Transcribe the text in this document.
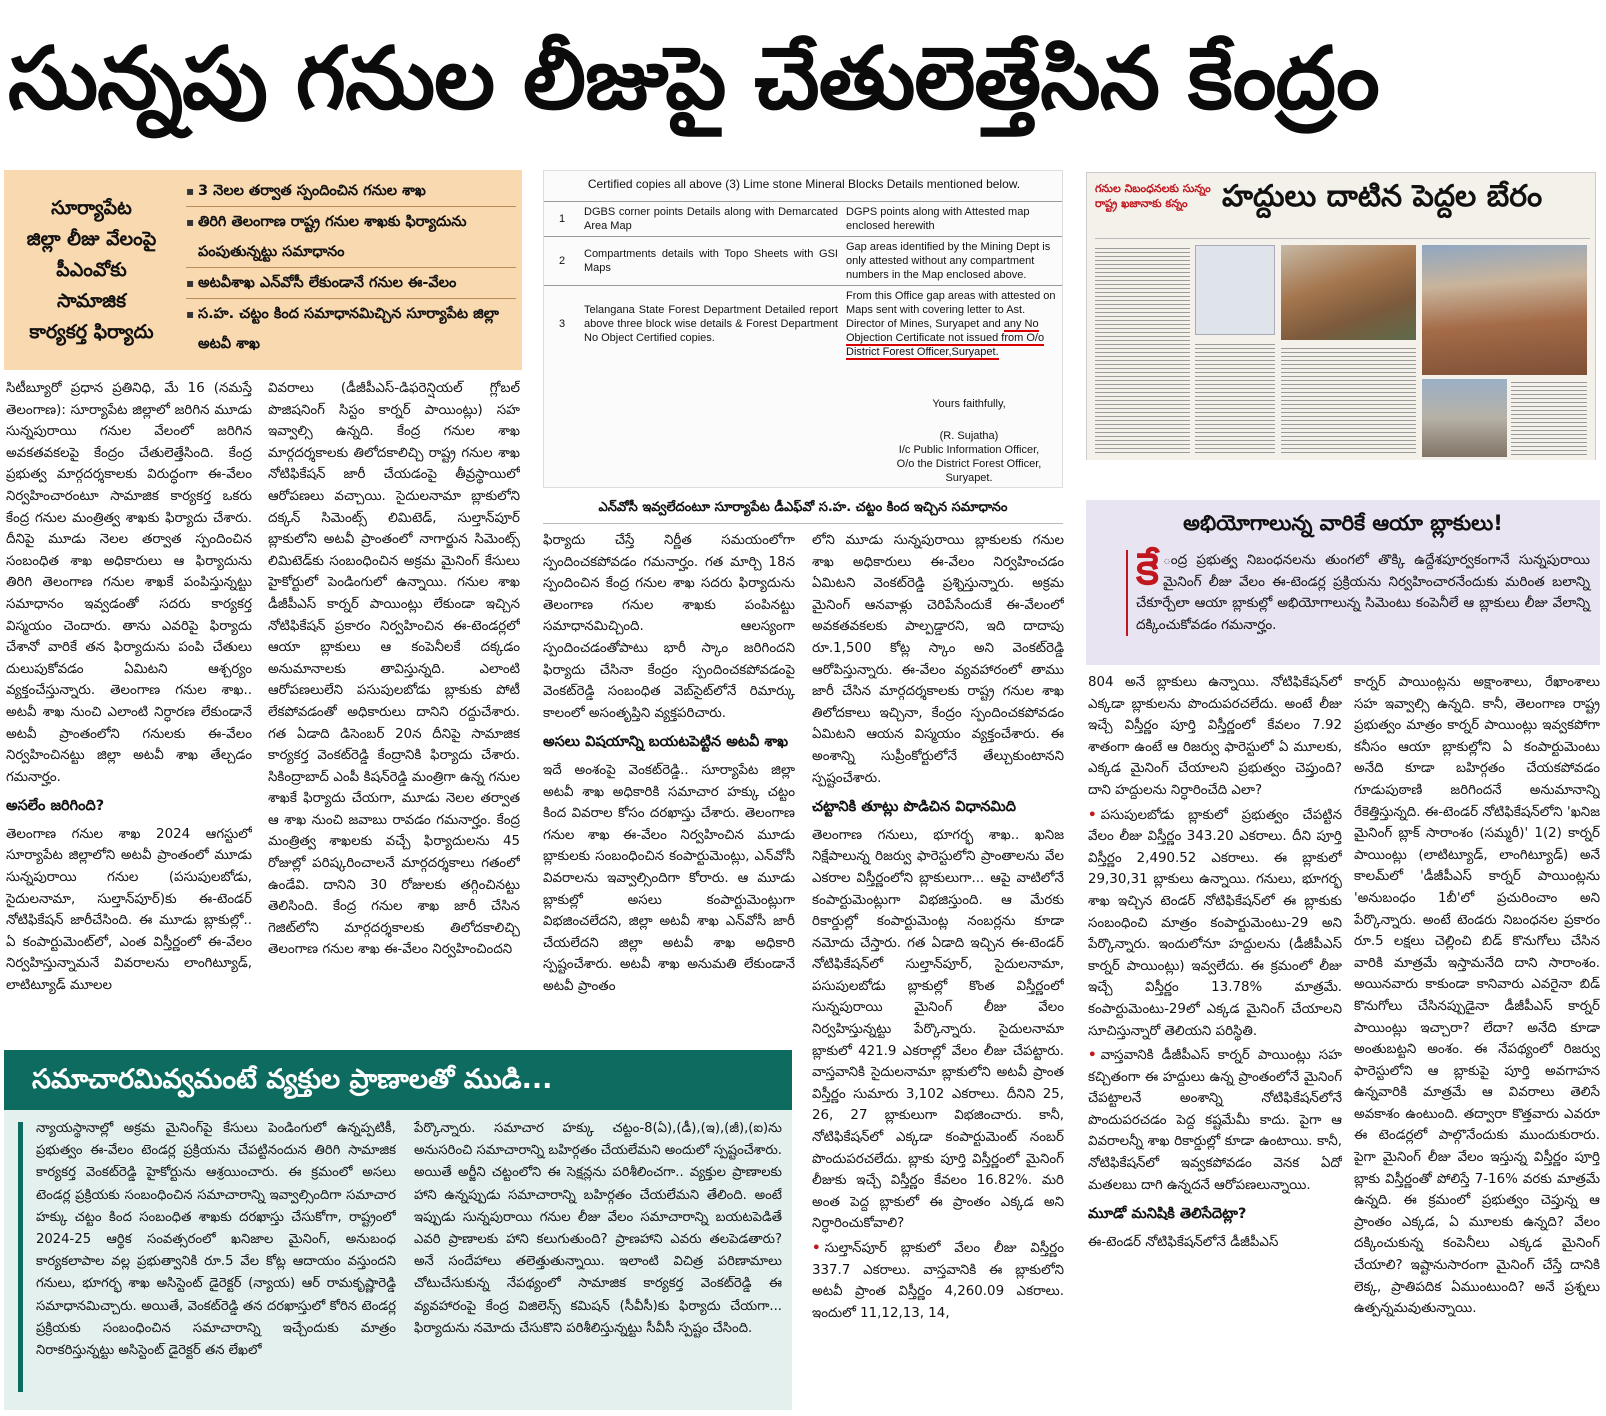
సున్నపు గనుల లీజుపై చేతులెత్తేసిన కేంద్రం
సూర్యాపేట
జిల్లా లీజు వేలంపై
పీఎంవోకు
సామాజిక
కార్యకర్త ఫిర్యాదు
▪ 3 నెలల తర్వాత స్పందించిన గనుల శాఖ
▪ తిరిగి తెలంగాణ రాష్ట్ర గనుల శాఖకు ఫిర్యాదును పంపుతున్నట్టు సమాధానం
▪ అటవీశాఖ ఎన్‌వోసీ లేకుండానే గనుల ఈ-వేలం
▪ స.హ. చట్టం కింద సమాధానమిచ్చిన సూర్యాపేట జిల్లా అటవీ శాఖ

సిటీబ్యూరో ప్రధాన ప్రతినిధి, మే 16 (నమస్తే తెలంగాణ): సూర్యాపేట జిల్లాలో జరిగిన మూడు సున్నపురాయి గనుల వేలంలో జరిగిన అవకతవకలపై కేంద్రం చేతులెత్తేసింది. కేంద్ర ప్రభుత్వ మార్గదర్శకాలకు విరుద్ధంగా ఈ-వేలం నిర్వహించారంటూ సామాజిక కార్యకర్త ఒకరు కేంద్ర గనుల మంత్రిత్వ శాఖకు ఫిర్యాదు చేశారు. దీనిపై మూడు నెలల తర్వాత స్పందించిన సంబంధిత శాఖ అధికారులు ఆ ఫిర్యాదును తిరిగి తెలంగాణ గనుల శాఖకే పంపిస్తున్నట్టు సమాధానం ఇవ్వడంతో సదరు కార్యకర్త విస్మయం చెందారు. తాను ఎవరిపై ఫిర్యాదు చేశానో వారికే తన ఫిర్యాదును పంపి చేతులు దులుపుకోవడం ఏమిటని ఆశ్చర్యం వ్యక్తంచేస్తున్నారు. తెలంగాణ గనుల శాఖ.. అటవీ శాఖ నుంచి ఎలాంటి నిర్ధారణ లేకుండానే అటవీ ప్రాంతంలోని గనులకు ఈ-వేలం నిర్వహించినట్టు జిల్లా అటవీ శాఖ తేల్చడం గమనార్హం.

అసలేం జరిగింది?

తెలంగాణ గనుల శాఖ 2024 ఆగస్టులో సూర్యాపేట జిల్లాలోని అటవీ ప్రాంతంలో మూడు సున్నపురాయి గనుల (పసుపులబోడు, సైదులనామా, సుల్తాన్‌పూర్)కు ఈ-టెండర్ నోటిఫికేషన్ జారీచేసింది. ఈ మూడు బ్లాకుల్లో.. ఏ కంపార్టుమెంట్‌లో, ఎంత విస్తీర్ణంలో ఈ-వేలం నిర్వహిస్తున్నామనే వివరాలను లాంగిట్యూడ్, లాటిట్యూడ్ మూలల

వివరాలు (డీజీపీఎస్-డిఫరెన్షియల్ గ్లోబల్ పొజిషనింగ్ సిస్టం కార్నర్ పాయింట్లు) సహ ఇవ్వాల్సి ఉన్నది. కేంద్ర గనుల శాఖ మార్గదర్శకాలకు తిలోదకాలిచ్చి రాష్ట్ర గనుల శాఖ నోటిఫికేషన్ జారీ చేయడంపై తీవ్రస్థాయిలో ఆరోపణలు వచ్చాయి. సైదులనామా బ్లాకులోని దక్కన్ సిమెంట్స్ లిమిటెడ్, సుల్తాన్‌పూర్ బ్లాకులోని అటవీ ప్రాంతంలో నాగార్జున సిమెంట్స్ లిమిటెడ్‌కు సంబంధించిన అక్రమ మైనింగ్ కేసులు హైకోర్టులో పెండింగులో ఉన్నాయి. గనుల శాఖ డీజీపీఎస్ కార్నర్ పాయింట్లు లేకుండా ఇచ్చిన నోటిఫికేషన్ ప్రకారం నిర్వహించిన ఈ-టెండర్లలో ఆయా బ్లాకులు ఆ కంపెనీలకే దక్కడం అనుమానాలకు తావిస్తున్నది. ఎలాంటి ఆరోపణలులేని పసుపులబోడు బ్లాకుకు పోటీ లేకపోవడంతో అధికారులు దానిని రద్దుచేశారు. గత ఏడాది డిసెంబర్ 20న దీనిపై సామాజిక కార్యకర్త వెంకట్‌రెడ్డి కేంద్రానికి ఫిర్యాదు చేశారు. సికింద్రాబాద్ ఎంపీ కిషన్‌రెడ్డి మంత్రిగా ఉన్న గనుల శాఖకే ఫిర్యాదు చేయగా, మూడు నెలల తర్వాత ఆ శాఖ నుంచి జవాబు రావడం గమనార్హం. కేంద్ర మంత్రిత్వ శాఖలకు వచ్చే ఫిర్యాదులను 45 రోజుల్లో పరిష్కరించాలనే మార్గదర్శకాలు గతంలో ఉండేవి. దానిని 30 రోజులకు తగ్గించినట్టు తెలిసింది. కేంద్ర గనుల శాఖ జారీ చేసిన గెజిట్‌లోని మార్గదర్శకాలకు తిలోదకాలిచ్చి తెలంగాణ గనుల శాఖ ఈ-వేలం నిర్వహించిందని

Certified copies all above (3) Lime stone Mineral Blocks Details mentioned below.
1	DGBS corner points Details along with Demarcated Area Map	DGPS points along with Attested map enclosed herewith
2	Compartments details with Topo Sheets with GSI Maps	Gap areas identified by the Mining Dept is only attested without any compartment numbers in the Map enclosed above.
3	Telangana State Forest Department Detailed report above three block wise details & Forest Department No Object Certified copies.	From this Office gap areas with attested on Maps sent with covering letter to Ast. Director of Mines, Suryapet and any No Objection Certificate not issued from O/o District Forest Officer,Suryapet.
Yours faithfully,
(R. Sujatha)
I/c Public Information Officer,
O/o the District Forest Officer,
Suryapet.
ఎన్‌వోసీ ఇవ్వలేదంటూ సూర్యాపేట డీఎఫ్‌వో స.హ. చట్టం కింద ఇచ్చిన సమాధానం

ఫిర్యాదు చేస్తే నిర్ణీత సమయంలోగా స్పందించకపోవడం గమనార్హం. గత మార్చి 18న స్పందించిన కేంద్ర గనుల శాఖ సదరు ఫిర్యాదును తెలంగాణ గనుల శాఖకు పంపినట్టు సమాధానమిచ్చింది. ఆలస్యంగా స్పందించడంతోపాటు భారీ స్కాం జరిగిందని ఫిర్యాదు చేసినా కేంద్రం స్పందించకపోవడంపై వెంకట్‌రెడ్డి సంబంధిత వెబ్‌సైట్‌లోనే రిమార్కు కాలంలో అసంతృప్తిని వ్యక్తపరిచారు.

అసలు విషయాన్ని బయటపెట్టిన అటవీ శాఖ

ఇదే అంశంపై వెంకట్‌రెడ్డి.. సూర్యాపేట జిల్లా అటవీ శాఖ అధికారికి సమాచార హక్కు చట్టం కింద వివరాల కోసం దరఖాస్తు చేశారు. తెలంగాణ గనుల శాఖ ఈ-వేలం నిర్వహించిన మూడు బ్లాకులకు సంబంధించిన కంపార్టుమెంట్లు, ఎన్‌వోసీ వివరాలను ఇవ్వాల్సిందిగా కోరారు. ఆ మూడు బ్లాకుల్లో అసలు కంపార్టుమెంట్లుగా విభజించలేదని, జిల్లా అటవీ శాఖ ఎన్‌వోసీ జారీ చేయలేదని జిల్లా అటవీ శాఖ అధికారి స్పష్టంచేశారు. అటవీ శాఖ అనుమతి లేకుండానే అటవీ ప్రాంతం

లోని మూడు సున్నపురాయి బ్లాకులకు గనుల శాఖ అధికారులు ఈ-వేలం నిర్వహించడం ఏమిటని వెంకట్‌రెడ్డి ప్రశ్నిస్తున్నారు. అక్రమ మైనింగ్ ఆనవాళ్లు చెరిపేసేందుకే ఈ-వేలంలో అవకతవకలకు పాల్పడ్డారని, ఇది దాదాపు రూ.1,500 కోట్ల స్కాం అని వెంకట్‌రెడ్డి ఆరోపిస్తున్నారు. ఈ-వేలం వ్యవహారంలో తాము జారీ చేసిన మార్గదర్శకాలకు రాష్ట్ర గనుల శాఖ తిలోదకాలు ఇచ్చినా, కేంద్రం స్పందించకపోవడం ఏమిటని ఆయన విస్మయం వ్యక్తంచేశారు. ఈ అంశాన్ని సుప్రీంకోర్టులోనే తేల్చుకుంటానని స్పష్టంచేశారు.

చట్టానికి తూట్లు పొడిచిన విధానమిది

తెలంగాణ గనులు, భూగర్భ శాఖ.. ఖనిజ నిక్షేపాలున్న రిజర్వు ఫారెస్టులోని ప్రాంతాలను వేల ఎకరాల విస్తీర్ణంలోని బ్లాకులుగా... ఆపై వాటిలోనే కంపార్టుమెంట్లుగా విభజిస్తుంది. ఆ మేరకు రికార్డుల్లో కంపార్టుమెంట్ల నంబర్లను కూడా నమోదు చేస్తారు. గత ఏడాది ఇచ్చిన ఈ-టెండర్ నోటిఫికేషన్‌లో సుల్తాన్‌పూర్, సైదులనామా, పసుపులబోడు బ్లాకుల్లో కొంత విస్తీర్ణంలో సున్నపురాయి మైనింగ్ లీజు వేలం నిర్వహిస్తున్నట్టు పేర్కొన్నారు. సైదులనామా బ్లాకులో 421.9 ఎకరాల్లో వేలం లీజు చేపట్టారు. వాస్తవానికి సైదులనామా బ్లాకులోని అటవీ ప్రాంత విస్తీర్ణం సుమారు 3,102 ఎకరాలు. దీనిని 25, 26, 27 బ్లాకులుగా విభజించారు. కానీ, నోటిఫికేషన్‌లో ఎక్కడా కంపార్టుమెంట్ నంబర్ పొందుపరచలేదు. బ్లాకు పూర్తి విస్తీర్ణంలో మైనింగ్ లీజుకు ఇచ్చే విస్తీర్ణం కేవలం 16.82%. మరి అంత పెద్ద బ్లాకులో ఈ ప్రాంతం ఎక్కడ అని నిర్ధారించుకోవాలి?

• సుల్తాన్‌పూర్ బ్లాకులో వేలం లీజు విస్తీర్ణం 337.7 ఎకరాలు. వాస్తవానికి ఈ బ్లాకులోని అటవీ ప్రాంత విస్తీర్ణం 4,260.09 ఎకరాలు. ఇందులో 11,12,13, 14,

గనుల నిబంధనలకు సున్నం రాష్ట్ర ఖజానాకు కన్నం	హద్దులు దాటిన పెద్దల బేరం
అభియోగాలున్న వారికే ఆయా బ్లాకులు!
కే ంద్ర ప్రభుత్వ నిబంధనలను తుంగలో తొక్కి ఉద్దేశపూర్వకంగానే సున్నపురాయి మైనింగ్ లీజు వేలం ఈ-టెండర్ల ప్రక్రియను నిర్వహించారనేందుకు మరింత బలాన్ని చేకూర్చేలా ఆయా బ్లాకుల్లో అభియోగాలున్న సిమెంటు కంపెనీలే ఆ బ్లాకులు లీజు వేలాన్ని దక్కించుకోవడం గమనార్హం.

804 అనే బ్లాకులు ఉన్నాయి. నోటిఫికేషన్‌లో ఎక్కడా బ్లాకులను పొందుపరచలేదు. అంటే లీజు ఇచ్చే విస్తీర్ణం పూర్తి విస్తీర్ణంలో కేవలం 7.92 శాతంగా ఉంటే ఆ రిజర్వు ఫారెస్టులో ఏ మూలకు, ఎక్కడ మైనింగ్ చేయాలని ప్రభుత్వం చెప్తుంది? దాని హద్దులను నిర్ధారించేది ఎలా?

• పసుపులబోడు బ్లాకులో ప్రభుత్వం చేపట్టిన వేలం లీజు విస్తీర్ణం 343.20 ఎకరాలు. దీని పూర్తి విస్తీర్ణం 2,490.52 ఎకరాలు. ఈ బ్లాకులో 29,30,31 బ్లాకులు ఉన్నాయి. గనులు, భూగర్భ శాఖ ఇచ్చిన టెండర్ నోటిఫికేషన్‌లో ఈ బ్లాకుకు సంబంధించి మాత్రం కంపార్టుమెంటు-29 అని పేర్కొన్నారు. ఇందులోనూ హద్దులను (డీజీపీఎస్ కార్నర్ పాయింట్లు) ఇవ్వలేదు. ఈ క్రమంలో లీజు ఇచ్చే విస్తీర్ణం 13.78% మాత్రమే. కంపార్టుమెంటు-29లో ఎక్కడ మైనింగ్ చేయాలని సూచిస్తున్నారో తెలియని పరిస్థితి.

• వాస్తవానికి డీజీపీఎస్ కార్నర్ పాయింట్లు సహ కచ్చితంగా ఈ హద్దులు ఉన్న ప్రాంతంలోనే మైనింగ్ చేపట్టాలనే అంశాన్ని నోటిఫికేషన్‌లోనే పొందుపరచడం పెద్ద కష్టమేమీ కాదు. పైగా ఆ వివరాలన్నీ శాఖ రికార్డుల్లో కూడా ఉంటాయి. కానీ, నోటిఫికేషన్‌లో ఇవ్వకపోవడం వెనక ఏదో మతలబు దాగి ఉన్నదనే ఆరోపణలున్నాయి.

మూడో మనిషికి తెలిసేదెట్లా?

ఈ-టెండర్ నోటిఫికేషన్‌లోనే డీజీపీఎస్

కార్నర్ పాయింట్లను అక్షాంశాలు, రేఖాంశాలు సహ ఇవ్వాల్సి ఉన్నది. కానీ, తెలంగాణ రాష్ట్ర ప్రభుత్వం మాత్రం కార్నర్ పాయింట్లు ఇవ్వకపోగా కనీసం ఆయా బ్లాకుల్లోని ఏ కంపార్టుమెంటు అనేది కూడా బహిర్గతం చేయకపోవడం గూడుపుఠాణి జరిగిందనే అనుమానాన్ని రేకెత్తిస్తున్నది. ఈ-టెండర్ నోటిఫికేషన్‌లోని 'ఖనిజ మైనింగ్ బ్లాక్ సారాంశం (సమ్మరీ)' 1(2) కార్నర్ పాయింట్లు (లాటిట్యూడ్, లాంగిట్యూడ్) అనే కాలమ్‌లో 'డీజీపీఎస్ కార్నర్ పాయింట్లను 'అనుబంధం 1బీ'లో ప్రచురించాం అని పేర్కొన్నారు. అంటే టెండరు నిబంధనల ప్రకారం రూ.5 లక్షలు చెల్లించి బిడ్ కొనుగోలు చేసిన వారికి మాత్రమే ఇస్తామనేది దాని సారాంశం. అయినవారు కాకుండా కానివారు ఎవరైనా బిడ్ కొనుగోలు చేసినప్పుడైనా డీజీపీఎస్ కార్నర్ పాయింట్లు ఇచ్చారా? లేదా? అనేది కూడా అంతుబట్టని అంశం. ఈ నేపథ్యంలో రిజర్వు ఫారెస్టులోని ఆ బ్లాకుపై పూర్తి అవగాహన ఉన్నవారికి మాత్రమే ఆ వివరాలు తెలిసే అవకాశం ఉంటుంది. తద్వారా కొత్తవారు ఎవరూ ఈ టెండర్లలో పాల్గొనేందుకు ముందుకురారు. పైగా మైనింగ్ లీజు వేలం ఇస్తున్న విస్తీర్ణం పూర్తి బ్లాకు విస్తీర్ణంతో పోలిస్తే 7-16% వరకు మాత్రమే ఉన్నది. ఈ క్రమంలో ప్రభుత్వం చెప్తున్న ఆ ప్రాంతం ఎక్కడ, ఏ మూలకు ఉన్నది? వేలం దక్కించుకున్న కంపెనీలు ఎక్కడ మైనింగ్ చేయాలి? ఇష్టానుసారంగా మైనింగ్ చేస్తే దానికి లెక్క, ప్రాతిపదిక ఏముంటుంది? అనే ప్రశ్నలు ఉత్పన్నమవుతున్నాయి.

సమాచారమివ్వమంటే వ్యక్తుల ప్రాణాలతో ముడి...
న్యాయస్థానాల్లో అక్రమ మైనింగ్‌పై కేసులు పెండింగులో ఉన్నప్పటికీ, ప్రభుత్వం ఈ-వేలం టెండర్ల ప్రక్రియను చేపట్టినందున తిరిగి సామాజిక కార్యకర్త వెంకట్‌రెడ్డి హైకోర్టును ఆశ్రయించారు. ఈ క్రమంలో అసలు టెండర్ల ప్రక్రియకు సంబంధించిన సమాచారాన్ని ఇవ్వాల్సిందిగా సమాచార హక్కు చట్టం కింద సంబంధిత శాఖకు దరఖాస్తు చేసుకోగా, రాష్ట్రంలో 2024-25 ఆర్థిక సంవత్సరంలో ఖనిజాల మైనింగ్, అనుబంధ కార్యకలాపాల వల్ల ప్రభుత్వానికి రూ.5 వేల కోట్ల ఆదాయం వస్తుందని గనులు, భూగర్భ శాఖ అసిస్టెంట్ డైరెక్టర్ (న్యాయ) ఆర్ రామకృష్ణారెడ్డి సమాధానమిచ్చారు. అయితే, వెంకట్‌రెడ్డి తన దరఖాస్తులో కోరిన టెండర్ల ప్రక్రియకు సంబంధించిన సమాచారాన్ని ఇచ్చేందుకు మాత్రం నిరాకరిస్తున్నట్టు అసిస్టెంట్ డైరెక్టర్ తన లేఖలో
పేర్కొన్నారు. సమాచార హక్కు చట్టం-8(ఏ),(డీ),(ఇ),(జీ),(ఐ)ను అనుసరించి సమాచారాన్ని బహిర్గతం చేయలేమని అందులో స్పష్టంచేశారు. అయితే అర్జీని చట్టంలోని ఈ సెక్షన్లను పరిశీలించగా.. వ్యక్తుల ప్రాణాలకు హాని ఉన్నప్పుడు సమాచారాన్ని బహిర్గతం చేయలేమని తేలింది. అంటే ఇప్పుడు సున్నపురాయి గనుల లీజు వేలం సమాచారాన్ని బయటపెడితే ఎవరి ప్రాణాలకు హాని కలుగుతుంది? ప్రాణహాని ఎవరు తలపెడతారు? అనే సందేహాలు తలెత్తుతున్నాయి. ఇలాంటి విచిత్ర పరిణామాలు చోటుచేసుకున్న నేపథ్యంలో సామాజిక కార్యకర్త వెంకట్‌రెడ్డి ఈ వ్యవహారంపై కేంద్ర విజిలెన్స్ కమిషన్ (సీవీసీ)కు ఫిర్యాదు చేయగా... ఫిర్యాదును నమోదు చేసుకొని పరిశీలిస్తున్నట్టు సీవీసీ స్పష్టం చేసింది.
